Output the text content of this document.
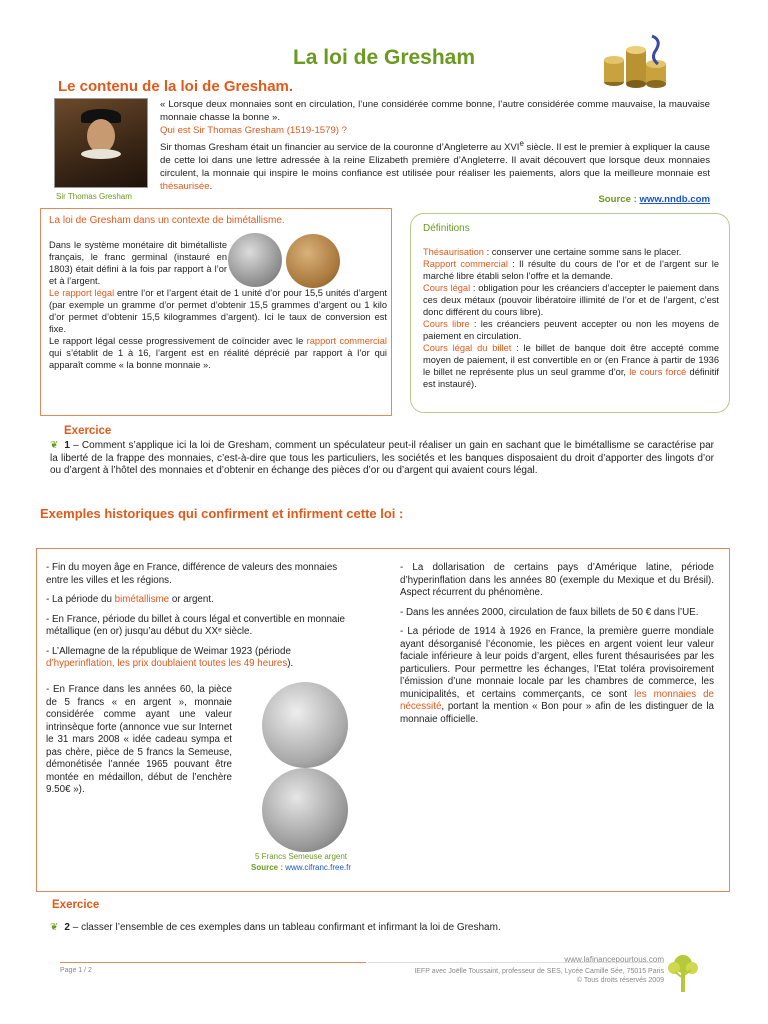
La loi de Gresham
Le contenu de la loi de Gresham.
Sir Thomas Gresham

« Lorsque deux monnaies sont en circulation, l’une considérée comme bonne, l’autre considérée comme mauvaise, la mauvaise monnaie chasse la bonne ».

Qui est Sir Thomas Gresham (1519-1579) ?

Sir thomas Gresham était un financier au service de la couronne d’Angleterre au XVIe siècle. Il est le premier à expliquer la cause de cette loi dans une lettre adressée à la reine Elizabeth première d’Angleterre. Il avait découvert que lorsque deux monnaies circulent, la monnaie qui inspire le moins confiance est utilisée pour réaliser les paiements, alors que la meilleure monnaie est thésaurisée.

Source : www.nndb.com

La loi de Gresham dans un contexte de bimétallisme.

Dans le système monétaire dit bimétalliste français, le franc germinal (instauré en 1803) était défini à la fois par rapport à l’or et à l’argent.

Le rapport légal entre l’or et l’argent était de 1 unité d’or pour 15,5 unités d’argent (par exemple un gramme d’or permet d’obtenir 15,5 grammes d’argent ou 1 kilo d’or permet d’obtenir 15,5 kilogrammes d’argent). Ici le taux de conversion est fixe.

Le rapport légal cesse progressivement de coïncider avec le rapport commercial qui s’établit de 1 à 16, l’argent est en réalité déprécié par rapport à l’or qui apparaît comme « la bonne monnaie ».

Définitions

Thésaurisation : conserver une certaine somme sans le placer.

Rapport commercial : Il résulte du cours de l’or et de l’argent sur le marché libre établi selon l’offre et la demande.

Cours légal : obligation pour les créanciers d’accepter le paiement dans ces deux métaux (pouvoir libératoire illimité de l’or et de l’argent, c’est donc différent du cours libre).

Cours libre : les créanciers peuvent accepter ou non les moyens de paiement en circulation.

Cours légal du billet : le billet de banque doit être accepté comme moyen de paiement, il est convertible en or (en France à partir de 1936 le billet ne représente plus un seul gramme d’or, le cours forcé définitif est instauré).

Exercice
❦ 1 – Comment s’applique ici la loi de Gresham, comment un spéculateur peut-il réaliser un gain en sachant que le bimétallisme se caractérise par la liberté de la frappe des monnaies, c’est-à-dire que tous les particuliers, les sociétés et les banques disposaient du droit d’apporter des lingots d’or ou d’argent à l’hôtel des monnaies et d’obtenir en échange des pièces d’or ou d’argent qui avaient cours légal.
Exemples historiques qui confirment et infirment cette loi :

- Fin du moyen âge en France, différence de valeurs des monnaies entre les villes et les régions.

- La période du bimétallisme or argent.

- En France, période du billet à cours légal et convertible en monnaie métallique (en or) jusqu’au début du XXᵉ siècle.

- L’Allemagne de la république de Weimar 1923 (période d’hyperinflation, les prix doublaient toutes les 49 heures).

- En France dans les années 60, la pièce de 5 francs « en argent », monnaie considérée comme ayant une valeur intrinsèque forte (annonce vue sur Internet le 31 mars 2008 « idée cadeau sympa et pas chère, pièce de 5 francs la Semeuse, démonétisée l’année 1965 pouvant être montée en médaillon, début de l’enchère 9.50€ »).
5 Francs Semeuse argent
Source : www.cifranc.free.fr

- La dollarisation de certains pays d’Amérique latine, période d’hyperinflation dans les années 80 (exemple du Mexique et du Brésil). Aspect récurrent du phénomène.

- Dans les années 2000, circulation de faux billets de 50 € dans l’UE.

- La période de 1914 à 1926 en France, la première guerre mondiale ayant désorganisé l’économie, les pièces en argent voient leur valeur faciale inférieure à leur poids d’argent, elles furent thésaurisées par les particuliers. Pour permettre les échanges, l’Etat toléra provisoirement l’émission d’une monnaie locale par les chambres de commerce, les municipalités, et certains commerçants, ce sont les monnaies de nécessité, portant la mention « Bon pour » afin de les distinguer de la monnaie officielle.

Exercice
❦ 2 – classer l’ensemble de ces exemples dans un tableau confirmant et infirmant la loi de Gresham.
www.lafinancepourtous.com
Page 1 / 2	IEFP avec Joëlle Toussaint, professeur de SES, Lycée Camille Sée, 75015 Paris
© Tous droits réservés 2009
